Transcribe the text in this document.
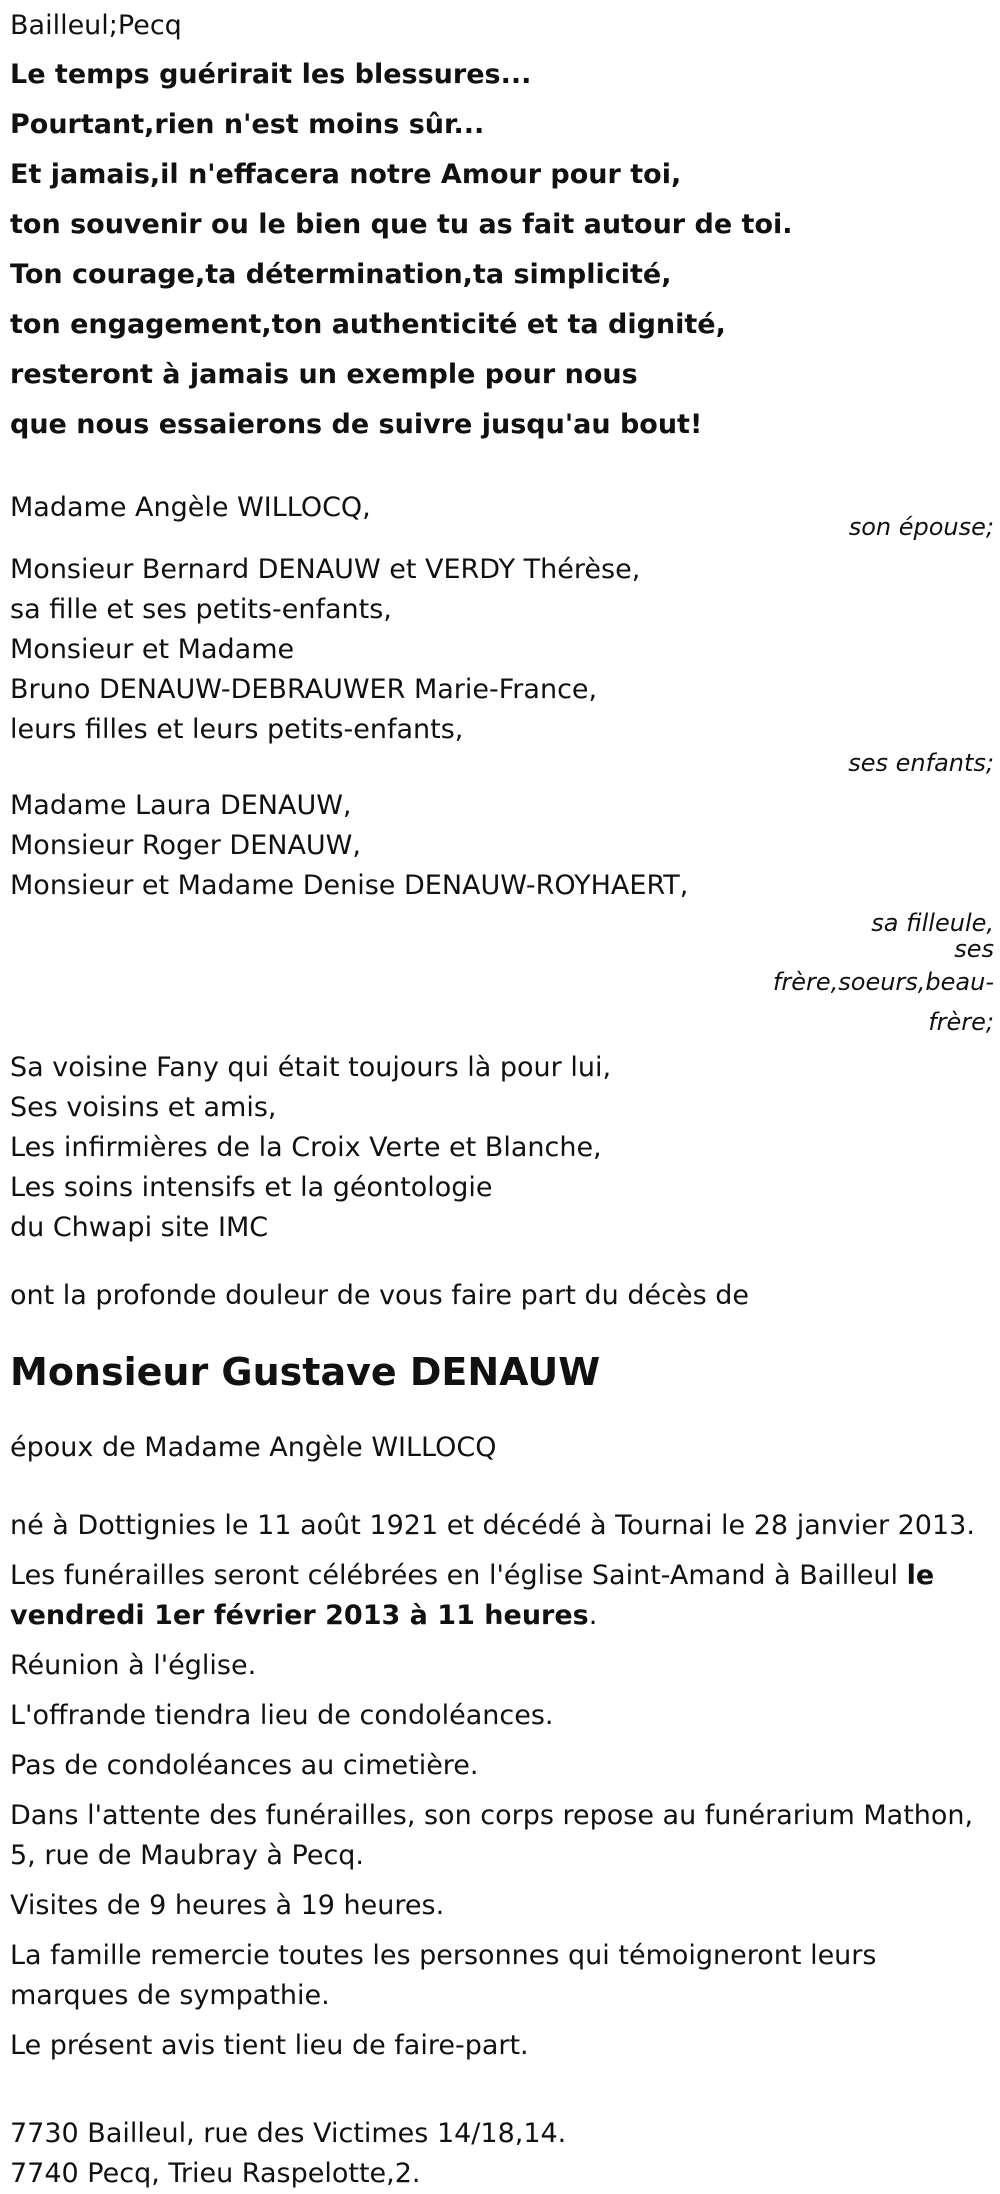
Bailleul;Pecq

Le temps guérirait les blessures...

Pourtant,rien n'est moins sûr...

Et jamais,il n'effacera notre Amour pour toi,

ton souvenir ou le bien que tu as fait autour de toi.

Ton courage,ta détermination,ta simplicité,

ton engagement,ton authenticité et ta dignité,

resteront à jamais un exemple pour nous

que nous essaierons de suivre jusqu'au bout!

Madame Angèle WILLOCQ,

son épouse;

Monsieur Bernard DENAUW et VERDY Thérèse,

sa fille et ses petits-enfants,

Monsieur et Madame

Bruno DENAUW-DEBRAUWER Marie-France,

leurs filles et leurs petits-enfants,

ses enfants;

Madame Laura DENAUW,

Monsieur Roger DENAUW,

Monsieur et Madame Denise DENAUW-ROYHAERT,

sa filleule,

ses

frère,soeurs,beau-

frère;

Sa voisine Fany qui était toujours là pour lui,

Ses voisins et amis,

Les infirmières de la Croix Verte et Blanche,

Les soins intensifs et la géontologie

du Chwapi site IMC

ont la profonde douleur de vous faire part du décès de

Monsieur Gustave DENAUW

époux de Madame Angèle WILLOCQ

né à Dottignies le 11 août 1921 et décédé à Tournai le 28 janvier 2013.

Les funérailles seront célébrées en l'église Saint-Amand à Bailleul le vendredi 1er février 2013 à 11 heures.

Réunion à l'église.

L'offrande tiendra lieu de condoléances.

Pas de condoléances au cimetière.

Dans l'attente des funérailles, son corps repose au funérarium Mathon, 5, rue de Maubray à Pecq.

Visites de 9 heures à 19 heures.

La famille remercie toutes les personnes qui témoigneront leurs marques de sympathie.

Le présent avis tient lieu de faire-part.

7730 Bailleul, rue des Victimes 14/18,14.

7740 Pecq, Trieu Raspelotte,2.
